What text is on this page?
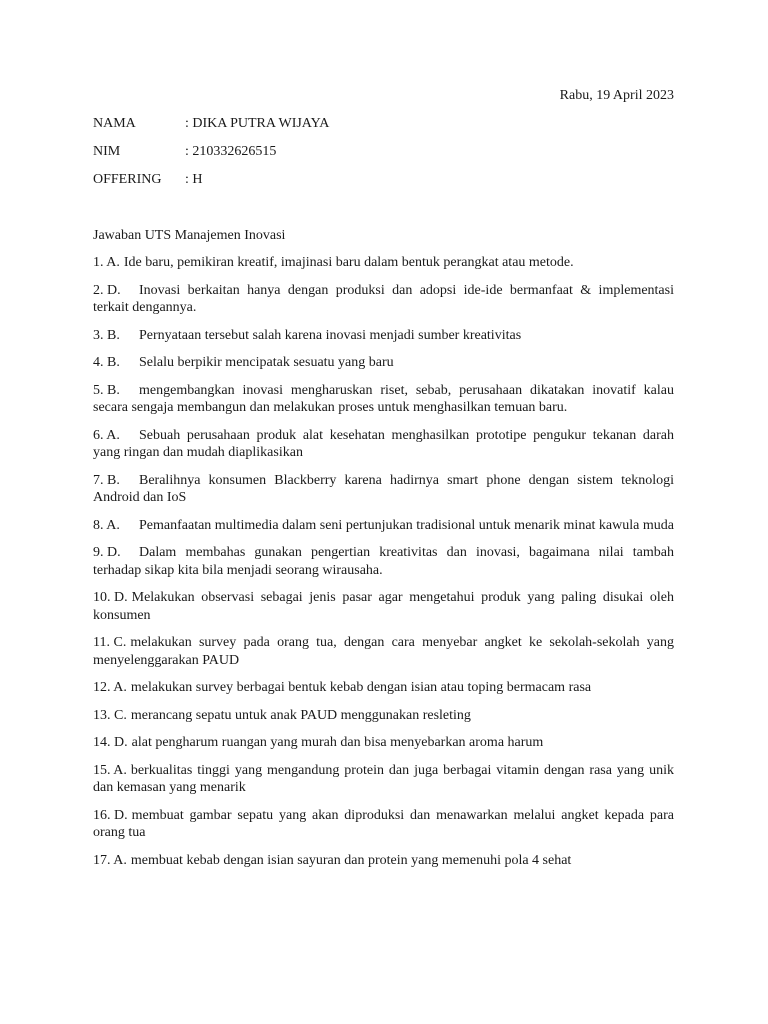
Rabu, 19 April 2023
NAMA	: DIKA PUTRA WIJAYA
NIM	: 210332626515
OFFERING : H
Jawaban UTS Manajemen Inovasi

1. A. Ide baru, pemikiran kreatif, imajinasi baru dalam bentuk perangkat atau metode.

2. D. Inovasi berkaitan hanya dengan produksi dan adopsi ide-ide bermanfaat & implementasi terkait dengannya.

3. B. Pernyataan tersebut salah karena inovasi menjadi sumber kreativitas

4. B. Selalu berpikir mencipatak sesuatu yang baru

5. B. mengembangkan inovasi mengharuskan riset, sebab, perusahaan dikatakan inovatif kalau secara sengaja membangun dan melakukan proses untuk menghasilkan temuan baru.

6. A. Sebuah perusahaan produk alat kesehatan menghasilkan prototipe pengukur tekanan darah yang ringan dan mudah diaplikasikan

7. B. Beralihnya konsumen Blackberry karena hadirnya smart phone dengan sistem teknologi Android dan IoS

8. A. Pemanfaatan multimedia dalam seni pertunjukan tradisional untuk menarik minat kawula muda

9. D. Dalam membahas gunakan pengertian kreativitas dan inovasi, bagaimana nilai tambah terhadap sikap kita bila menjadi seorang wirausaha.

10. D. Melakukan observasi sebagai jenis pasar agar mengetahui produk yang paling disukai oleh konsumen

11. C. melakukan survey pada orang tua, dengan cara menyebar angket ke sekolah-sekolah yang menyelenggarakan PAUD

12. A. melakukan survey berbagai bentuk kebab dengan isian atau toping bermacam rasa

13. C. merancang sepatu untuk anak PAUD menggunakan resleting

14. D. alat pengharum ruangan yang murah dan bisa menyebarkan aroma harum

15. A. berkualitas tinggi yang mengandung protein dan juga berbagai vitamin dengan rasa yang unik dan kemasan yang menarik

16. D. membuat gambar sepatu yang akan diproduksi dan menawarkan melalui angket kepada para orang tua

17. A. membuat kebab dengan isian sayuran dan protein yang memenuhi pola 4 sehat
